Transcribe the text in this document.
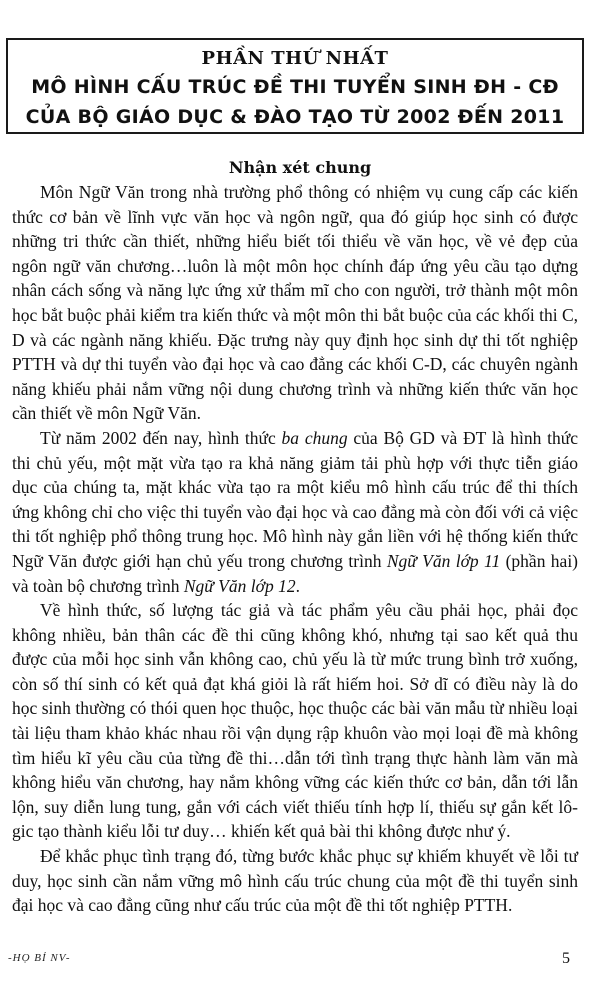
PHẦN THỨ NHẤT
MÔ HÌNH CẤU TRÚC ĐỀ THI TUYỂN SINH ĐH - CĐ
CỦA BỘ GIÁO DỤC & ĐÀO TẠO TỪ 2002 ĐẾN 2011
Nhận xét chung

Môn Ngữ Văn trong nhà trường phổ thông có nhiệm vụ cung cấp các kiến thức cơ bản về lĩnh vực văn học và ngôn ngữ, qua đó giúp học sinh có được những tri thức cần thiết, những hiểu biết tối thiểu về văn học, về vẻ đẹp của ngôn ngữ văn chương…luôn là một môn học chính đáp ứng yêu cầu tạo dựng nhân cách sống và năng lực ứng xử thẩm mĩ cho con người, trở thành một môn học bắt buộc phải kiểm tra kiến thức và một môn thi bắt buộc của các khối thi C, D và các ngành năng khiếu. Đặc trưng này quy định học sinh dự thi tốt nghiệp PTTH và dự thi tuyển vào đại học và cao đẳng các khối C-D, các chuyên ngành năng khiếu phải nắm vững nội dung chương trình và những kiến thức văn học cần thiết về môn Ngữ Văn.

Từ năm 2002 đến nay, hình thức ba chung của Bộ GD và ĐT là hình thức thi chủ yếu, một mặt vừa tạo ra khả năng giảm tải phù hợp với thực tiễn giáo dục của chúng ta, mặt khác vừa tạo ra một kiểu mô hình cấu trúc để thi thích ứng không chỉ cho việc thi tuyển vào đại học và cao đẳng mà còn đối với cả việc thi tốt nghiệp phổ thông trung học. Mô hình này gắn liền với hệ thống kiến thức Ngữ Văn được giới hạn chủ yếu trong chương trình Ngữ Văn lớp 11 (phần hai) và toàn bộ chương trình Ngữ Văn lớp 12.

Về hình thức, số lượng tác giả và tác phẩm yêu cầu phải học, phải đọc không nhiều, bản thân các đề thi cũng không khó, nhưng tại sao kết quả thu được của mỗi học sinh vẫn không cao, chủ yếu là từ mức trung bình trở xuống, còn số thí sinh có kết quả đạt khá giỏi là rất hiếm hoi. Sở dĩ có điều này là do học sinh thường có thói quen học thuộc, học thuộc các bài văn mẫu từ nhiều loại tài liệu tham khảo khác nhau rồi vận dụng rập khuôn vào mọi loại đề mà không tìm hiểu kĩ yêu cầu của từng đề thi…dẫn tới tình trạng thực hành làm văn mà không hiểu văn chương, hay nắm không vững các kiến thức cơ bản, dẫn tới lẫn lộn, suy diễn lung tung, gắn với cách viết thiếu tính hợp lí, thiếu sự gắn kết lô-gic tạo thành kiểu lỗi tư duy… khiến kết quả bài thi không được như ý.

Để khắc phục tình trạng đó, từng bước khắc phục sự khiếm khuyết về lỗi tư duy, học sinh cần nắm vững mô hình cấu trúc chung của một đề thi tuyển sinh đại học và cao đẳng cũng như cấu trúc của một đề thi tốt nghiệp PTTH.

-HỌ BỈ NV-	5
